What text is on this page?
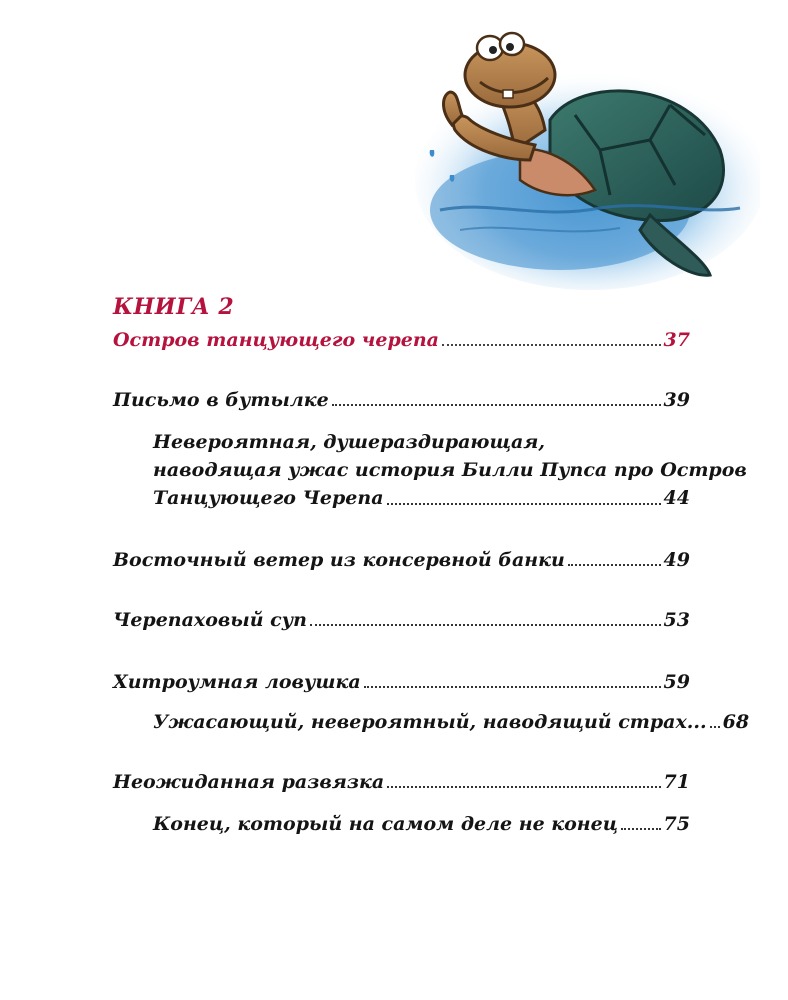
КНИГА 2
Остров танцующего черепа	37
Письмо в бутылке	39
Невероятная, душераздирающая,
наводящая ужас история Билли Пупса про Остров
Танцующего Черепа	44
Восточный ветер из консервной банки	49
Черепаховый суп	53
Хитроумная ловушка	59
Ужасающий, невероятный, наводящий страх... 68
Неожиданная развязка	71
Конец, который на самом деле не конец 75
